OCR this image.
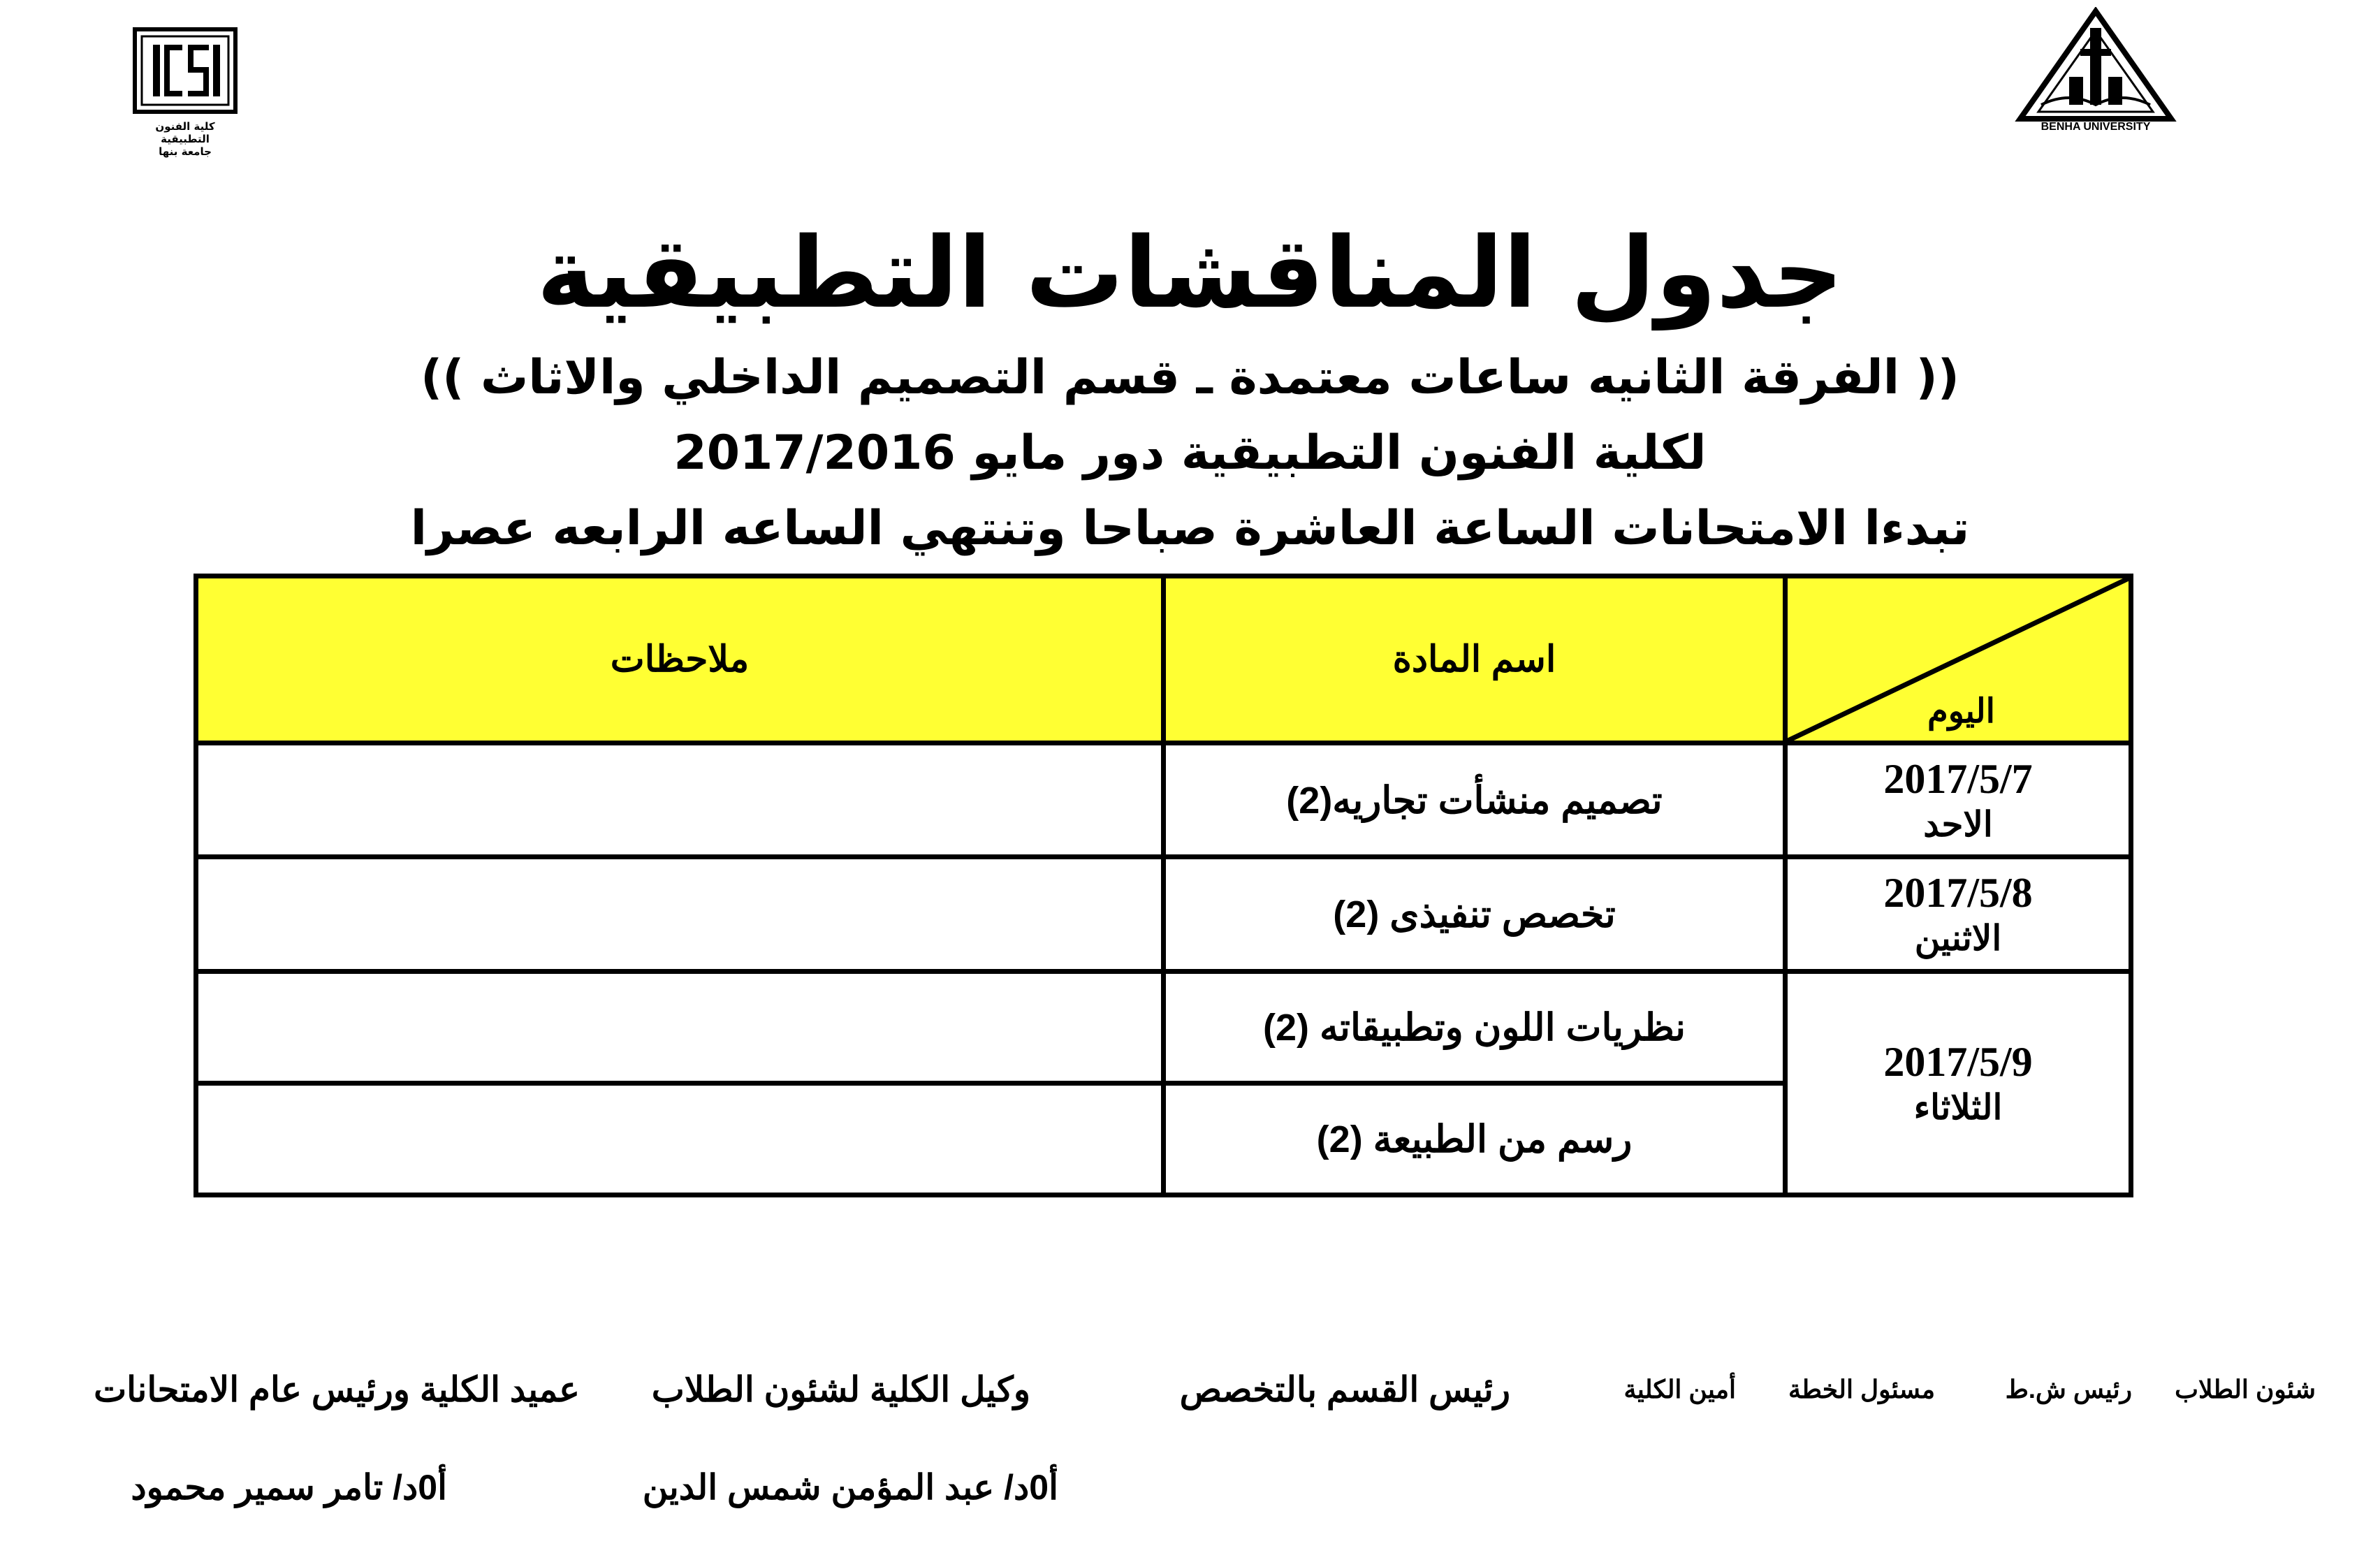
كلية الفنون التطبيقية
جامعة بنها
BENHA UNIVERSITY
جدول المناقشات التطبيقية
(( الفرقة الثانيه ساعات معتمدة ـ قسم التصميم الداخلي والاثاث ))
لكلية الفنون التطبيقية دور مايو 2017/2016
تبدءا الامتحانات الساعة العاشرة صباحا وتنتهي الساعه الرابعه عصرا
ملاحظات	اسم المادة	اليوم

	تصميم منشأت تجاريه(2)	2017/5/7
الاحد

	تخصص تنفيذى (2)	2017/5/8
الاثنين

	نظريات اللون وتطبيقاته (2)	2017/5/9
الثلاثاء

	رسم من الطبيعة (2)	
عميد الكلية ورئيس عام الامتحانات وكيل الكلية لشئون الطلاب	رئيس القسم بالتخصص	أمين الكلية مسئول الخطة	رئيس ش.ط شئون الطلاب
أ0د/ تامر سمير محمود	أ0د/ عبد المؤمن شمس الدين
